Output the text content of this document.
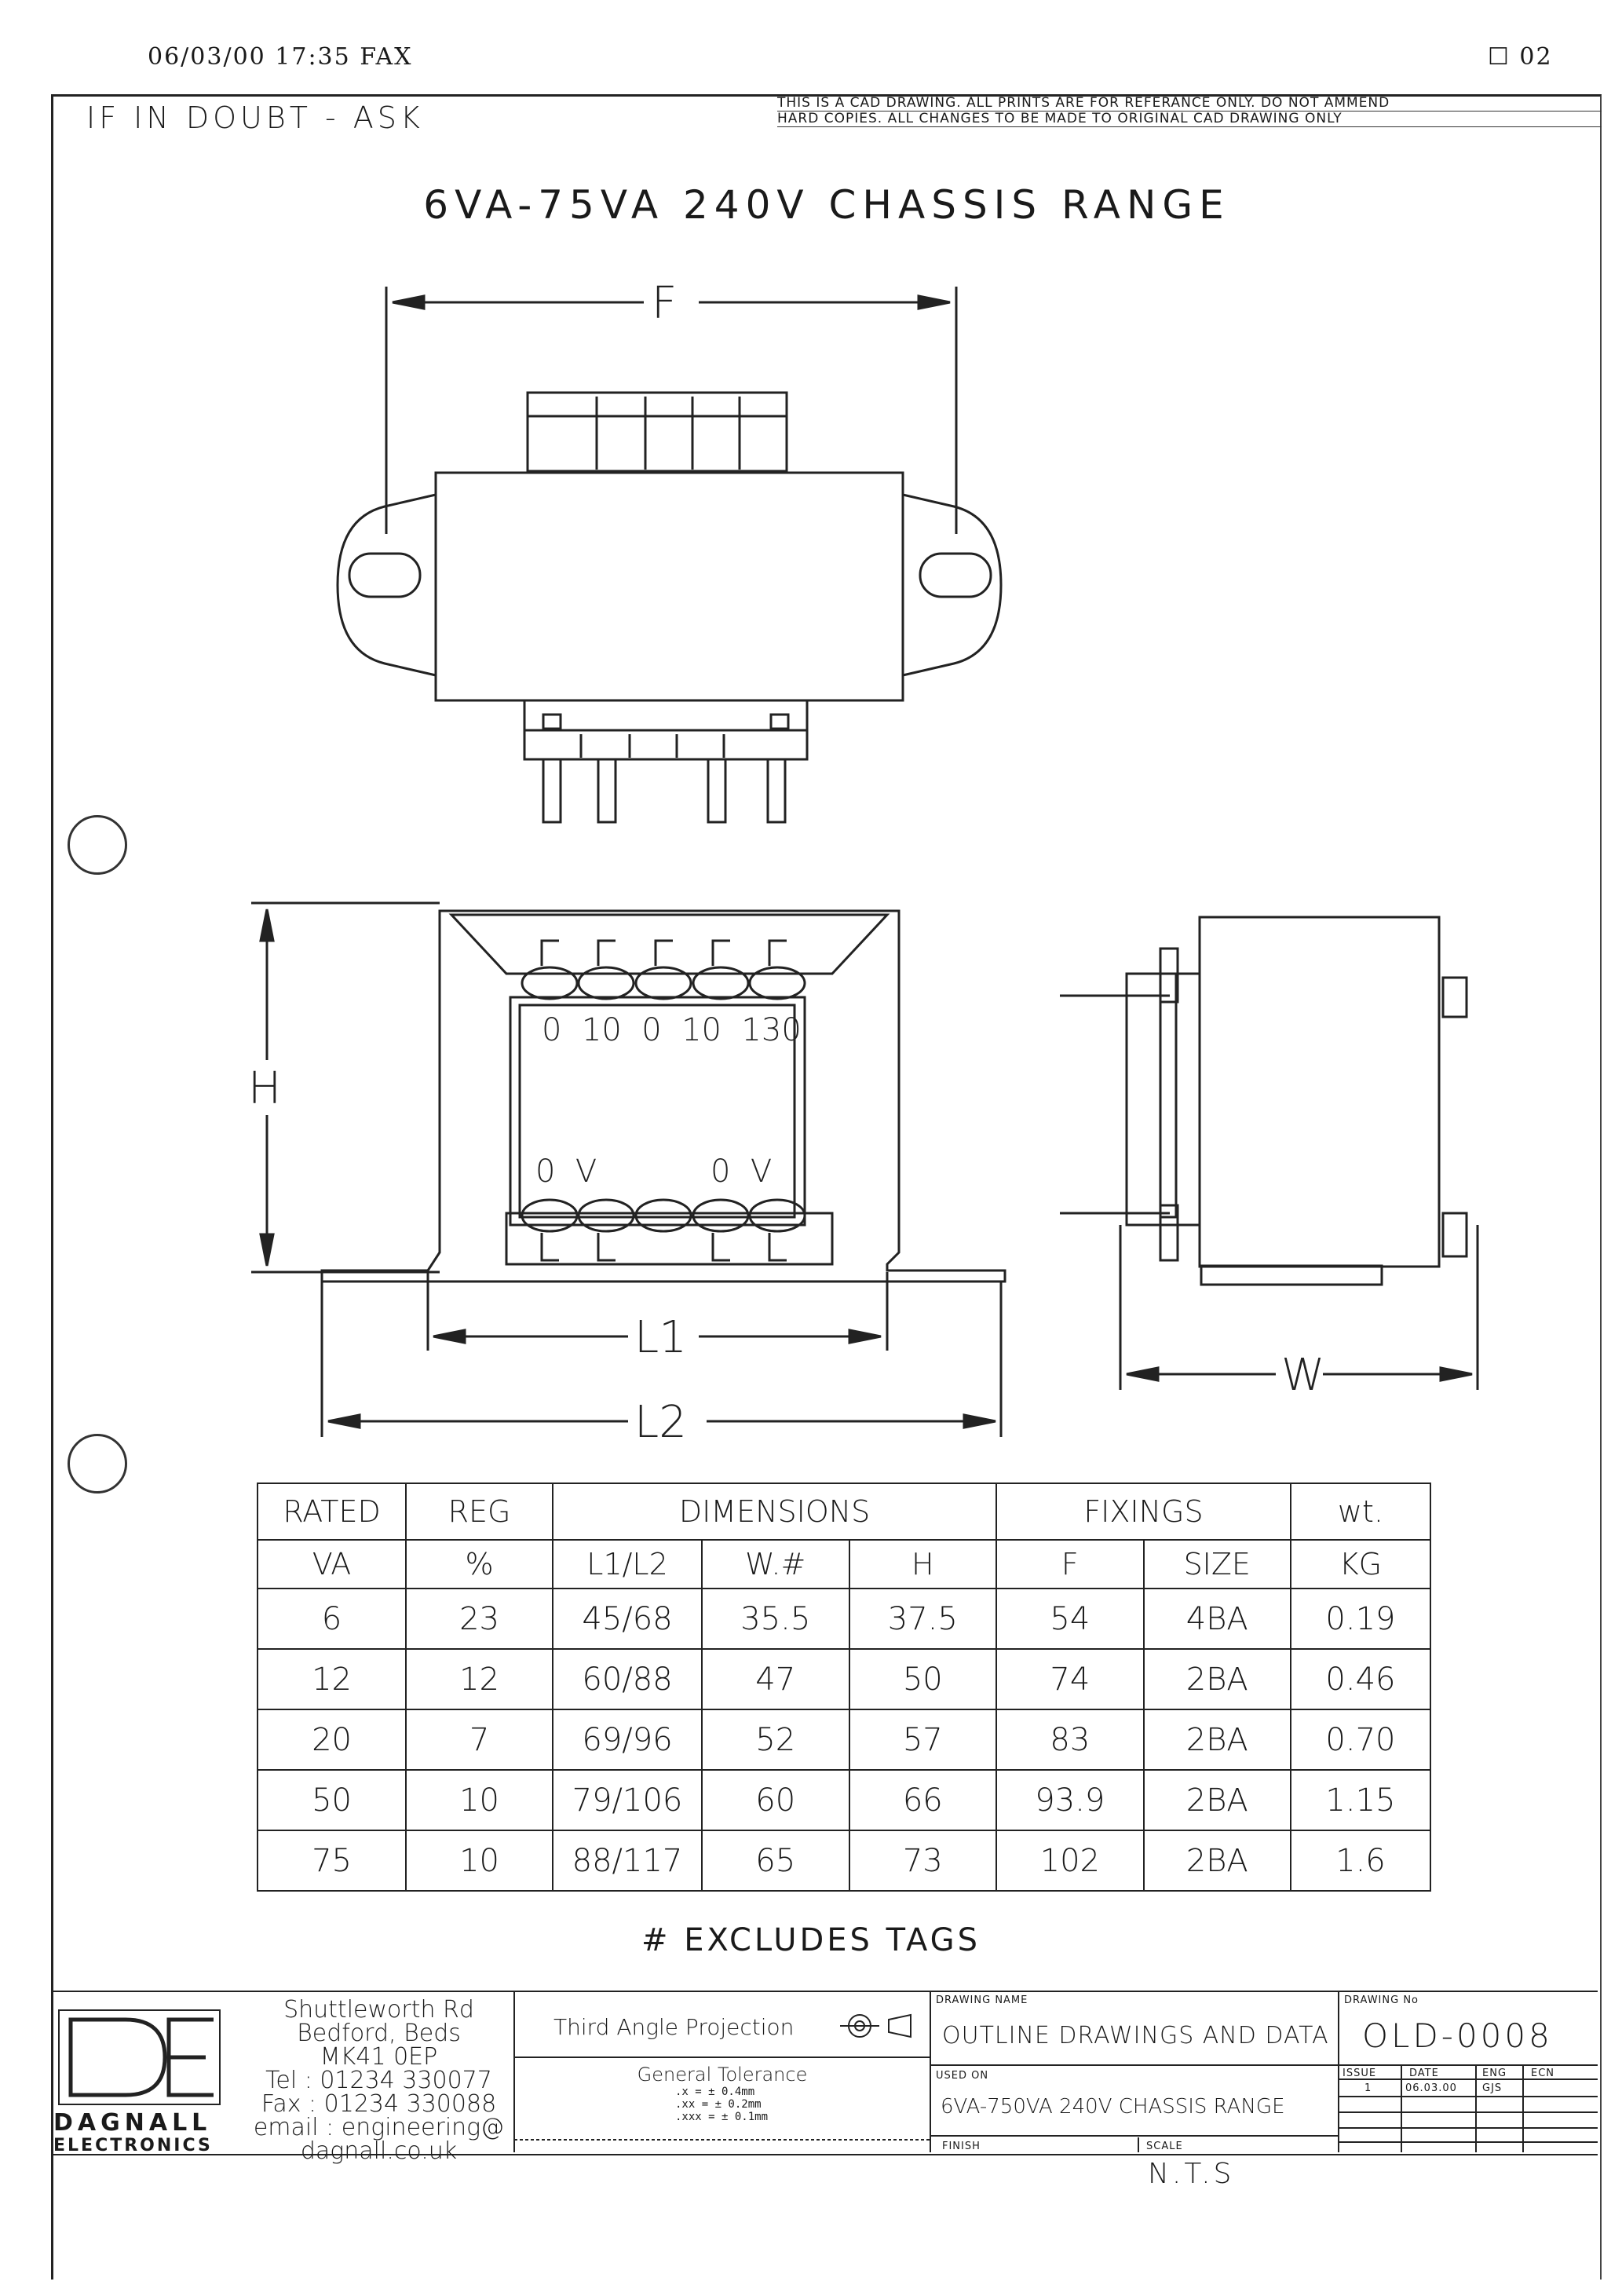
06/03/00 17:35 FAX	☐ 02
IF IN DOUBT - ASK	THIS IS A CAD DRAWING. ALL PRINTS ARE FOR REFERANCE ONLY. DO NOT AMMEND
HARD COPIES. ALL CHANGES TO BE MADE TO ORIGINAL CAD DRAWING ONLY
6VA-75VA 240V CHASSIS RANGE
F
H
L1
L2
W
0  10  0  10  130
0  V	0  V
RATED	REG	DIMENSIONS			FIXINGS		wt.
VA	%	L1/L2	W.#	H	F	SIZE	KG
6	23	45/68	35.5	37.5	54	4BA	0.19
12	12	60/88	47	50	74	2BA	0.46
20	7	69/96	52	57	83	2BA	0.70
50	10	79/106	60	66	93.9	2BA	1.15
75	10	88/117	65	73	102	2BA	1.6
# EXCLUDES TAGS
DAGNALL
ELECTRONICS
Shuttleworth Rd
Bedford, Beds
MK41 0EP
Tel : 01234 330077
Fax : 01234 330088
email : engineering@
dagnall.co.uk
Third Angle Projection
General Tolerance
.x = ± 0.4mm
.xx = ± 0.2mm
.xxx = ± 0.1mm
DRAWING NAME
OUTLINE DRAWINGS AND DATA
DRAWING No
OLD-0008
USED ON
6VA-750VA 240V CHASSIS RANGE
FINISH	SCALE
ISSUE	DATE	ENG	ECN
1	06.03.00 GJS
N.T.S
